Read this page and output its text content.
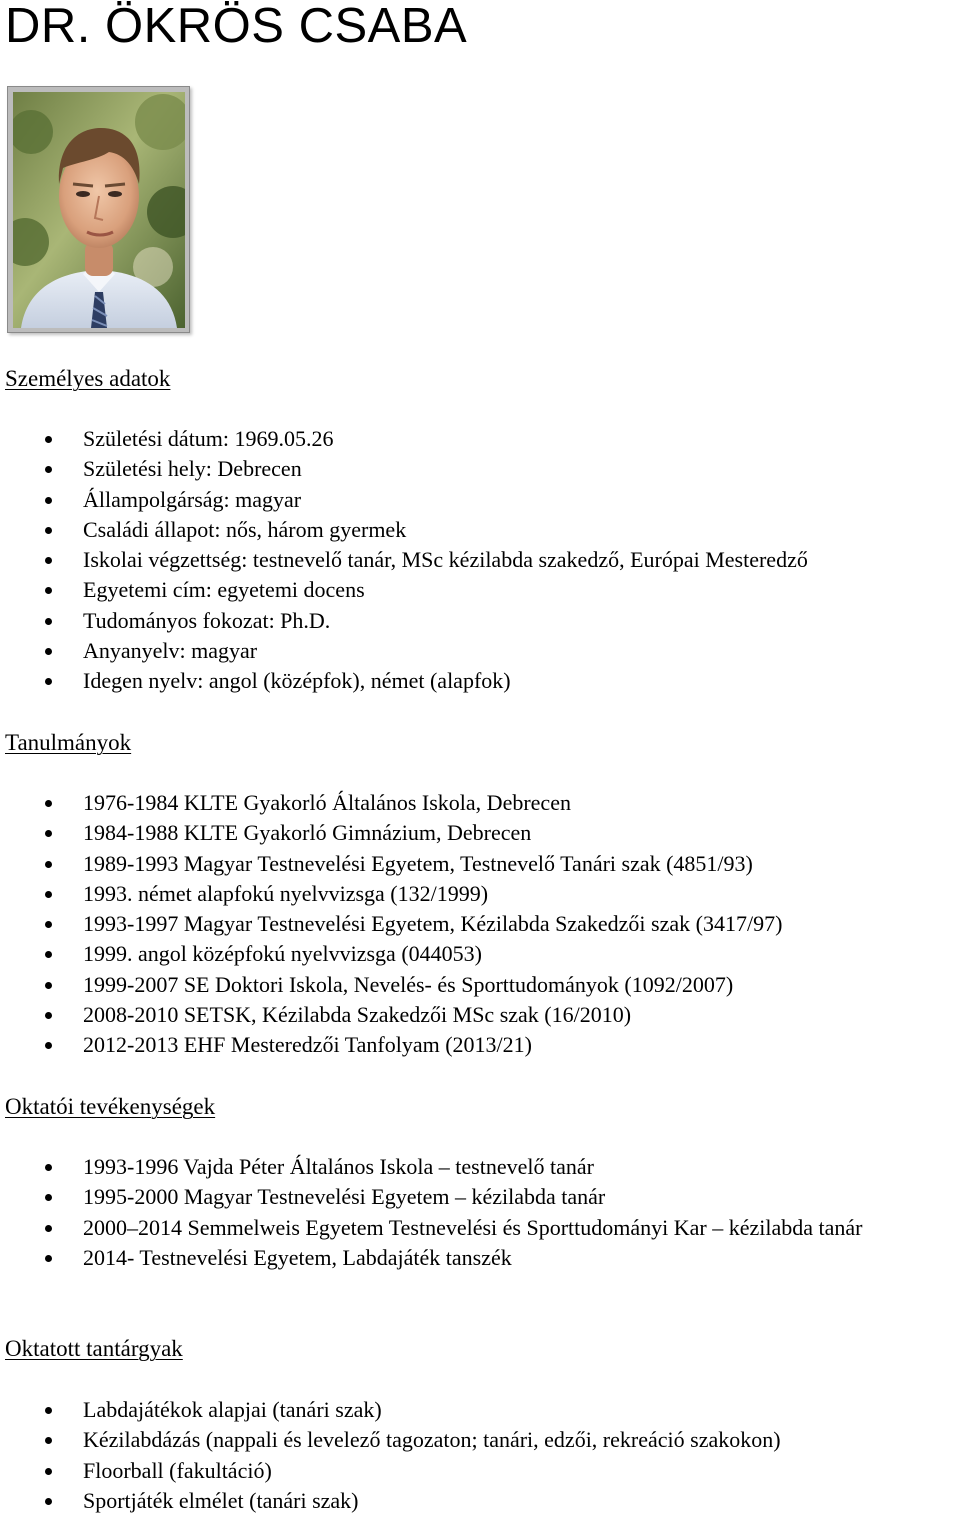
DR. ÖKRÖS CSABA
Személyes adatok
Születési dátum: 1969.05.26
Születési hely: Debrecen
Állampolgárság: magyar
Családi állapot: nős, három gyermek
Iskolai végzettség: testnevelő tanár, MSc kézilabda szakedző, Európai Mesteredző
Egyetemi cím: egyetemi docens
Tudományos fokozat: Ph.D.
Anyanyelv: magyar
Idegen nyelv: angol (középfok), német (alapfok)
Tanulmányok
1976-1984 KLTE Gyakorló Általános Iskola, Debrecen
1984-1988 KLTE Gyakorló Gimnázium, Debrecen
1989-1993 Magyar Testnevelési Egyetem, Testnevelő Tanári szak (4851/93)
1993. német alapfokú nyelvvizsga (132/1999)
1993-1997 Magyar Testnevelési Egyetem, Kézilabda Szakedzői szak (3417/97)
1999. angol középfokú nyelvvizsga (044053)
1999-2007 SE Doktori Iskola, Nevelés- és Sporttudományok (1092/2007)
2008-2010 SETSK, Kézilabda Szakedzői MSc szak (16/2010)
2012-2013 EHF Mesteredzői Tanfolyam (2013/21)
Oktatói tevékenységek
1993-1996 Vajda Péter Általános Iskola – testnevelő tanár
1995-2000 Magyar Testnevelési Egyetem – kézilabda tanár
2000–2014 Semmelweis Egyetem Testnevelési és Sporttudományi Kar – kézilabda tanár
2014- Testnevelési Egyetem, Labdajáték tanszék
Oktatott tantárgyak
Labdajátékok alapjai (tanári szak)
Kézilabdázás (nappali és levelező tagozaton; tanári, edzői, rekreáció szakokon)
Floorball (fakultáció)
Sportjáték elmélet (tanári szak)
